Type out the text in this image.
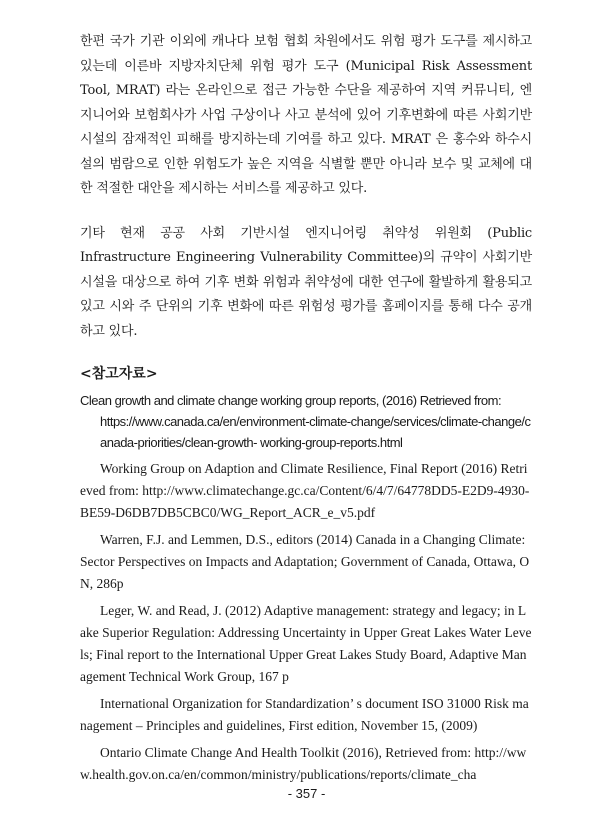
한편 국가 기관 이외에 캐나다 보험 협회 차원에서도 위험 평가 도구를 제시하고 있는데 이른바 지방자치단체 위험 평가 도구 (Municipal Risk Assessment Tool, MRAT) 라는 온라인으로 접근 가능한 수단을 제공하여 지역 커뮤니티, 엔지니어와 보험회사가 사업 구상이나 사고 분석에 있어 기후변화에 따른 사회기반 시설의 잠재적인 피해를 방지하는데 기여를 하고 있다. MRAT 은 홍수와 하수시설의 범람으로 인한 위험도가 높은 지역을 식별할 뿐만 아니라 보수 및 교체에 대한 적절한 대안을 제시하는 서비스를 제공하고 있다.

기타 현재 공공 사회 기반시설 엔지니어링 취약성 위원회 (Public Infrastructure Engineering Vulnerability Committee)의 규약이 사회기반시설을 대상으로 하여 기후 변화 위험과 취약성에 대한 연구에 활발하게 활용되고 있고 시와 주 단위의 기후 변화에 따른 위험성 평가를 홈페이지를 통해 다수 공개하고 있다.

<참고자료>
Clean growth and climate change working group reports, (2016) Retrieved from:
https://www.canada.ca/en/environment-climate-change/services/climate-change/canada-priorities/clean-growth- working-group-reports.html
Working Group on Adaption and Climate Resilience, Final Report (2016) Retrieved from: http://www.climatechange.gc.ca/Content/6/4/7/64778DD5-E2D9-4930-BE59-D6DB7DB5CBC0/WG_Report_ACR_e_v5.pdf
Warren, F.J. and Lemmen, D.S., editors (2014) Canada in a Changing Climate: Sector Perspectives on Impacts and Adaptation; Government of Canada, Ottawa, ON, 286p
Leger, W. and Read, J. (2012) Adaptive management: strategy and legacy; in Lake Superior Regulation: Addressing Uncertainty in Upper Great Lakes Water Levels; Final report to the International Upper Great Lakes Study Board, Adaptive Management Technical Work Group, 167 p
International Organization for Standardization’ s document ISO 31000 Risk management – Principles and guidelines, First edition, November 15, (2009)
Ontario Climate Change And Health Toolkit (2016), Retrieved from: http://www.health.gov.on.ca/en/common/ministry/publications/reports/climate_cha
- 357 -
